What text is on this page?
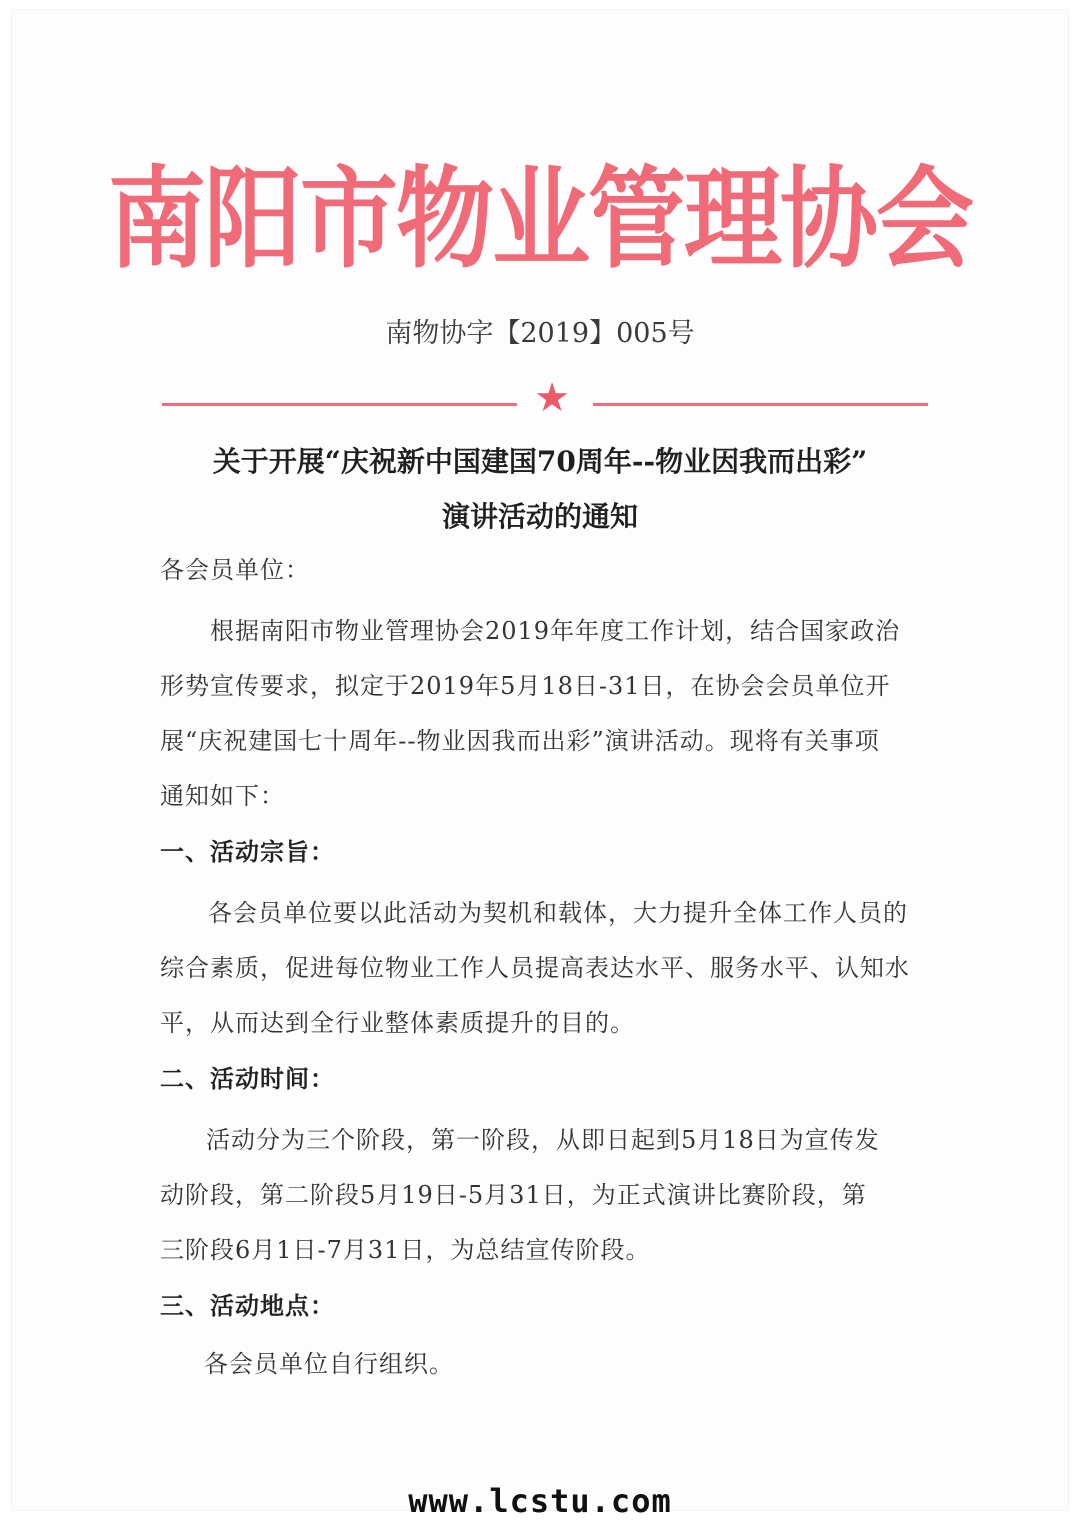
南阳市物业管理协会
南物协字【2019】005号
★
关于开展“庆祝新中国建国70周年--物业因我而出彩”
演讲活动的通知
各会员单位：
根据南阳市物业管理协会2019年年度工作计划，结合国家政治
形势宣传要求，拟定于2019年5月18日-31日，在协会会员单位开
展“庆祝建国七十周年--物业因我而出彩”演讲活动。现将有关事项
通知如下：
一、活动宗旨：
各会员单位要以此活动为契机和载体，大力提升全体工作人员的
综合素质，促进每位物业工作人员提高表达水平、服务水平、认知水
平，从而达到全行业整体素质提升的目的。
二、活动时间：
活动分为三个阶段，第一阶段，从即日起到5月18日为宣传发
动阶段，第二阶段5月19日-5月31日，为正式演讲比赛阶段，第
三阶段6月1日-7月31日，为总结宣传阶段。
三、活动地点：
各会员单位自行组织。
www.lcstu.com
